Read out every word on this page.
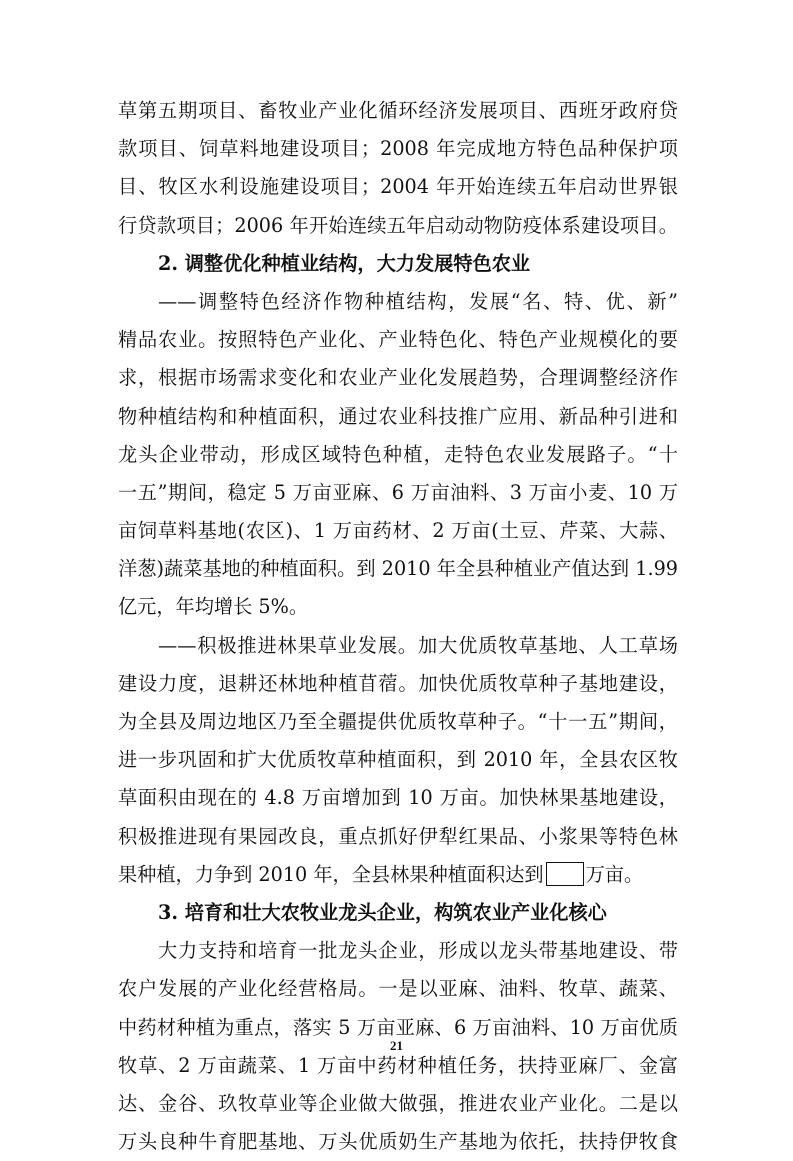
草第五期项目、畜牧业产业化循环经济发展项目、西班牙政府贷
款项目、饲草料地建设项目；2008 年完成地方特色品种保护项
目、牧区水利设施建设项目；2004 年开始连续五年启动世界银
行贷款项目；2006 年开始连续五年启动动物防疫体系建设项目。
2. 调整优化种植业结构，大力发展特色农业
——调整特色经济作物种植结构，发展“名、特、优、新”
精品农业。按照特色产业化、产业特色化、特色产业规模化的要
求，根据市场需求变化和农业产业化发展趋势，合理调整经济作
物种植结构和种植面积，通过农业科技推广应用、新品种引进和
龙头企业带动，形成区域特色种植，走特色农业发展路子。“十
一五”期间，稳定 5 万亩亚麻、6 万亩油料、3 万亩小麦、10 万
亩饲草料基地(农区)、1 万亩药材、2 万亩(土豆、芹菜、大蒜、
洋葱)蔬菜基地的种植面积。到 2010 年全县种植业产值达到 1.99
亿元，年均增长 5%。
——积极推进林果草业发展。加大优质牧草基地、人工草场
建设力度，退耕还林地种植苜蓿。加快优质牧草种子基地建设，
为全县及周边地区乃至全疆提供优质牧草种子。“十一五”期间，
进一步巩固和扩大优质牧草种植面积，到 2010 年，全县农区牧
草面积由现在的 4.8 万亩增加到 10 万亩。加快林果基地建设，
积极推进现有果园改良，重点抓好伊犁红果品、小浆果等特色林
果种植，力争到 2010 年，全县林果种植面积达到 万亩。
3. 培育和壮大农牧业龙头企业，构筑农业产业化核心
大力支持和培育一批龙头企业，形成以龙头带基地建设、带
农户发展的产业化经营格局。一是以亚麻、油料、牧草、蔬菜、
中药材种植为重点，落实 5 万亩亚麻、6 万亩油料、10 万亩优质
牧草、2 万亩蔬菜、1 万亩中药材种植任务，扶持亚麻厂、金富
达、金谷、玖牧草业等企业做大做强，推进农业产业化。二是以
万头良种牛育肥基地、万头优质奶生产基地为依托，扶持伊牧食
21
